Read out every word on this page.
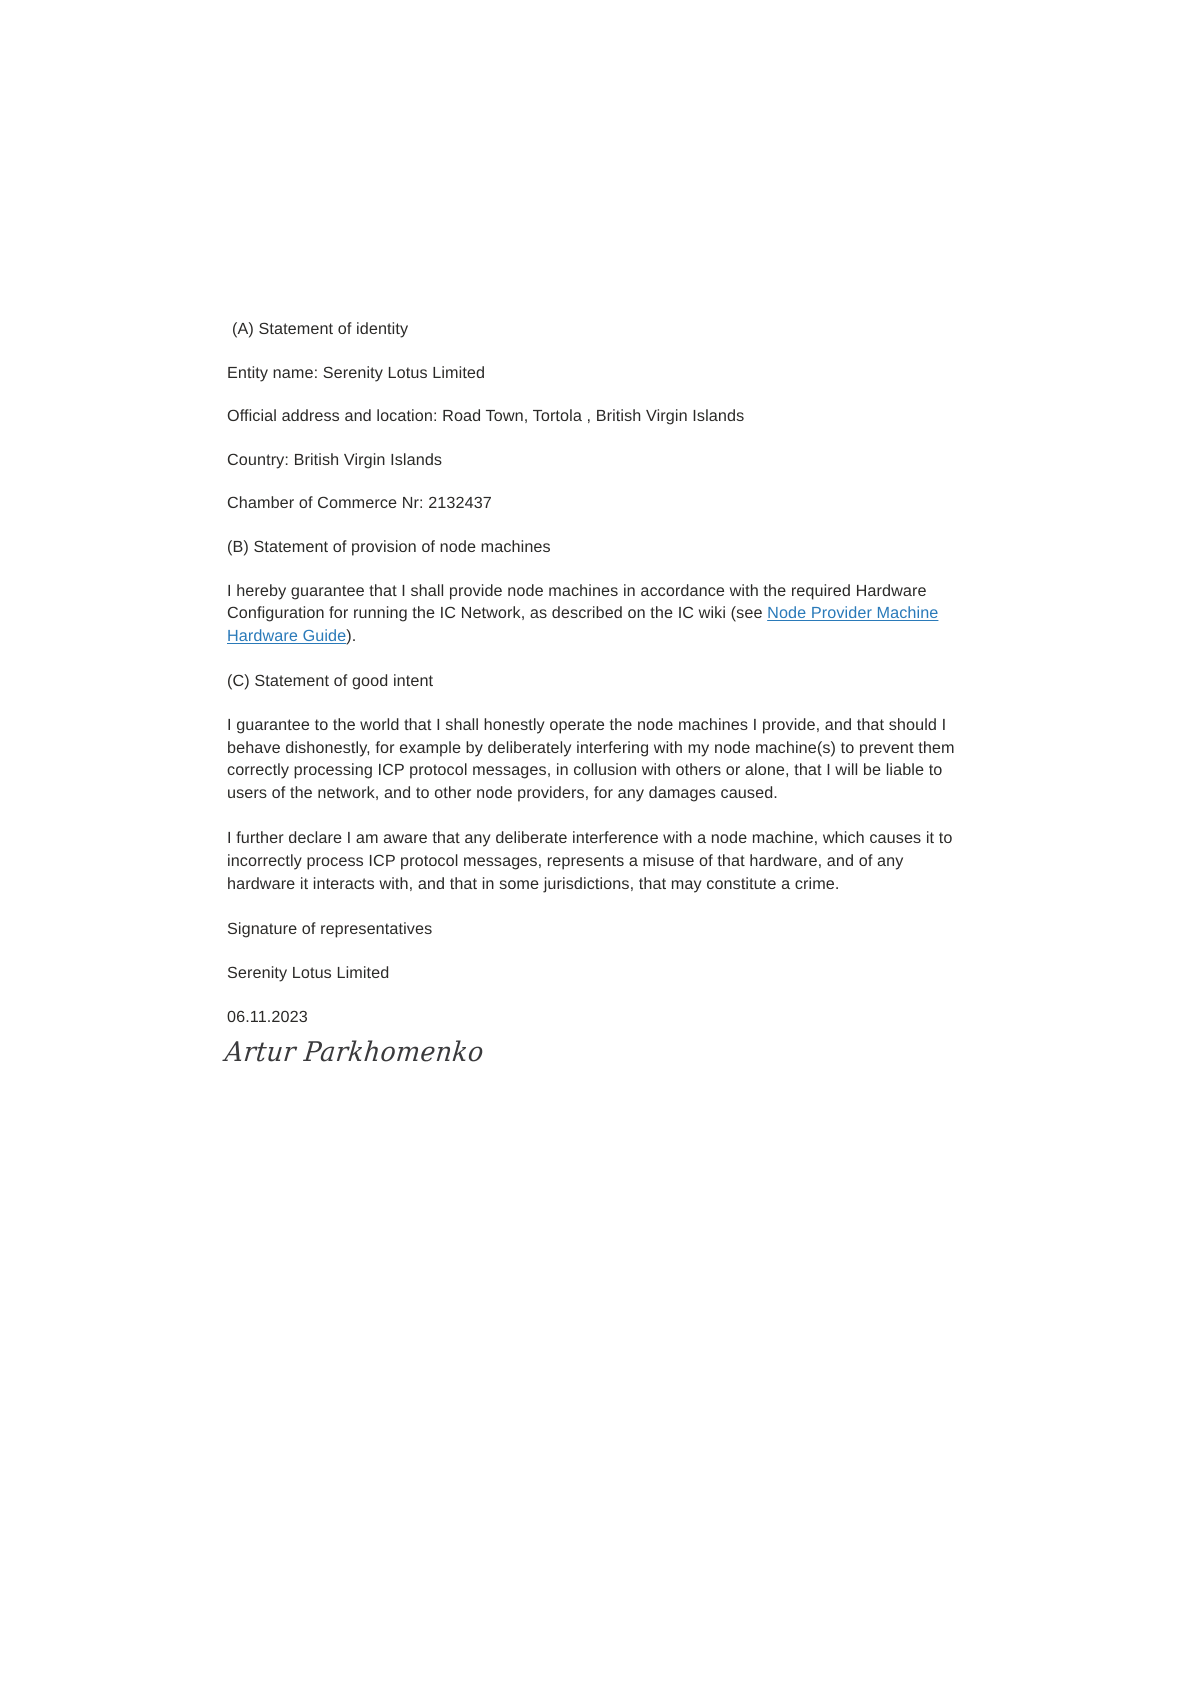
(A) Statement of identity

Entity name: Serenity Lotus Limited

Official address and location: Road Town, Tortola , British Virgin Islands

Country: British Virgin Islands

Chamber of Commerce Nr: 2132437

(B) Statement of provision of node machines

I hereby guarantee that I shall provide node machines in accordance with the required Hardware Configuration for running the IC Network, as described on the IC wiki (see Node Provider Machine Hardware Guide).

(C) Statement of good intent

I guarantee to the world that I shall honestly operate the node machines I provide, and that should I behave dishonestly, for example by deliberately interfering with my node machine(s) to prevent them correctly processing ICP protocol messages, in collusion with others or alone, that I will be liable to users of the network, and to other node providers, for any damages caused.

I further declare I am aware that any deliberate interference with a node machine, which causes it to incorrectly process ICP protocol messages, represents a misuse of that hardware, and of any hardware it interacts with, and that in some jurisdictions, that may constitute a crime.

Signature of representatives

Serenity Lotus Limited

06.11.2023

Artur Parkhomenko
